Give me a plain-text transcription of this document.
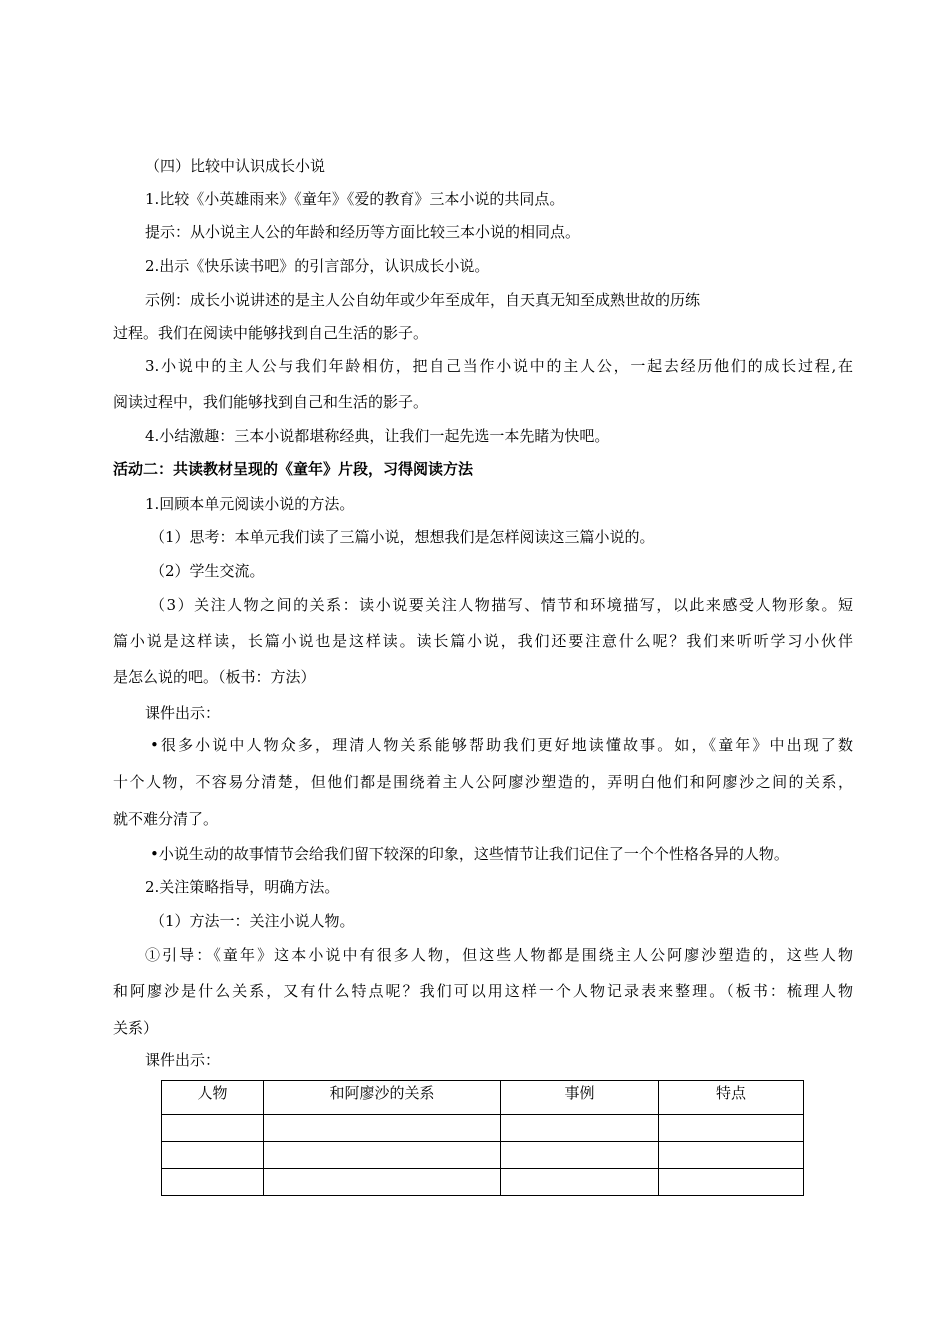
（四）比较中认识成长小说
1.比较《小英雄雨来》《童年》《爱的教育》三本小说的共同点。
提示：从小说主人公的年龄和经历等方面比较三本小说的相同点。
2.出示《快乐读书吧》的引言部分，认识成长小说。
示例：成长小说讲述的是主人公自幼年或少年至成年，自天真无知至成熟世故的历练
过程。我们在阅读中能够找到自己生活的影子。
3.小说中的主人公与我们年龄相仿，把自己当作小说中的主人公，一起去经历他们的成长过程,在
阅读过程中，我们能够找到自己和生活的影子。
4.小结激趣：三本小说都堪称经典，让我们一起先选一本先睹为快吧。
活动二：共读教材呈现的《童年》片段，习得阅读方法
1.回顾本单元阅读小说的方法。
（1）思考：本单元我们读了三篇小说，想想我们是怎样阅读这三篇小说的。
（2）学生交流。
（3）关注人物之间的关系：读小说要关注人物描写、情节和环境描写，以此来感受人物形象。短
篇小说是这样读，长篇小说也是这样读。读长篇小说，我们还要注意什么呢？我们来听听学习小伙伴
是怎么说的吧。（板书：方法）
课件出示：
•很多小说中人物众多，理清人物关系能够帮助我们更好地读懂故事。如，《童年》中出现了数
十个人物，不容易分清楚，但他们都是围绕着主人公阿廖沙塑造的，弄明白他们和阿廖沙之间的关系，
就不难分清了。
•小说生动的故事情节会给我们留下较深的印象，这些情节让我们记住了一个个性格各异的人物。
2.关注策略指导，明确方法。
（1）方法一：关注小说人物。
①引导：《童年》这本小说中有很多人物，但这些人物都是围绕主人公阿廖沙塑造的，这些人物
和阿廖沙是什么关系，又有什么特点呢？我们可以用这样一个人物记录表来整理。（板书：梳理人物
关系）
课件出示：
人物	和阿廖沙的关系	事例	特点
